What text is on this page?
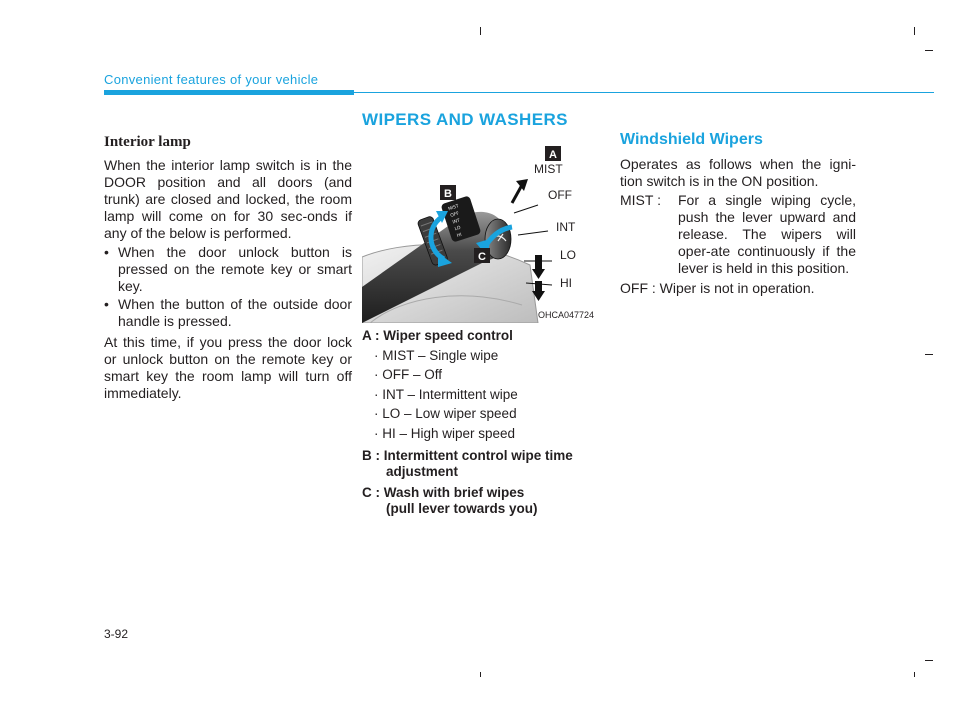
Convenient features of your vehicle
Interior lamp

When the interior lamp switch is in the DOOR position and all doors (and trunk) are closed and locked, the room lamp will come on for 30 sec-onds if any of the below is performed.

• When the door unlock button is pressed on the remote key or smart key.
• When the button of the outside door handle is pressed.

At this time, if you press the door lock or unlock button on the remote key or smart key the room lamp will turn off immediately.

WIPERS AND WASHERS
MIST
OFF
INT
LO
HI
MIST
OFF
INT
LO
HI
A
B
C
OHCA047724
A : Wiper speed control
· MIST – Single wipe
· OFF – Off
· INT – Intermittent wipe
· LO – Low wiper speed
· HI – High wiper speed
B : Intermittent control wipe time adjustment
C : Wash with brief wipes
(pull lever towards you)
Windshield Wipers

Operates as follows when the igni-tion switch is in the ON position.

MIST : For a single wiping cycle, push the lever upward and release. The wipers will oper-ate continuously if the lever is held in this position.

OFF : Wiper is not in operation.

3-92
